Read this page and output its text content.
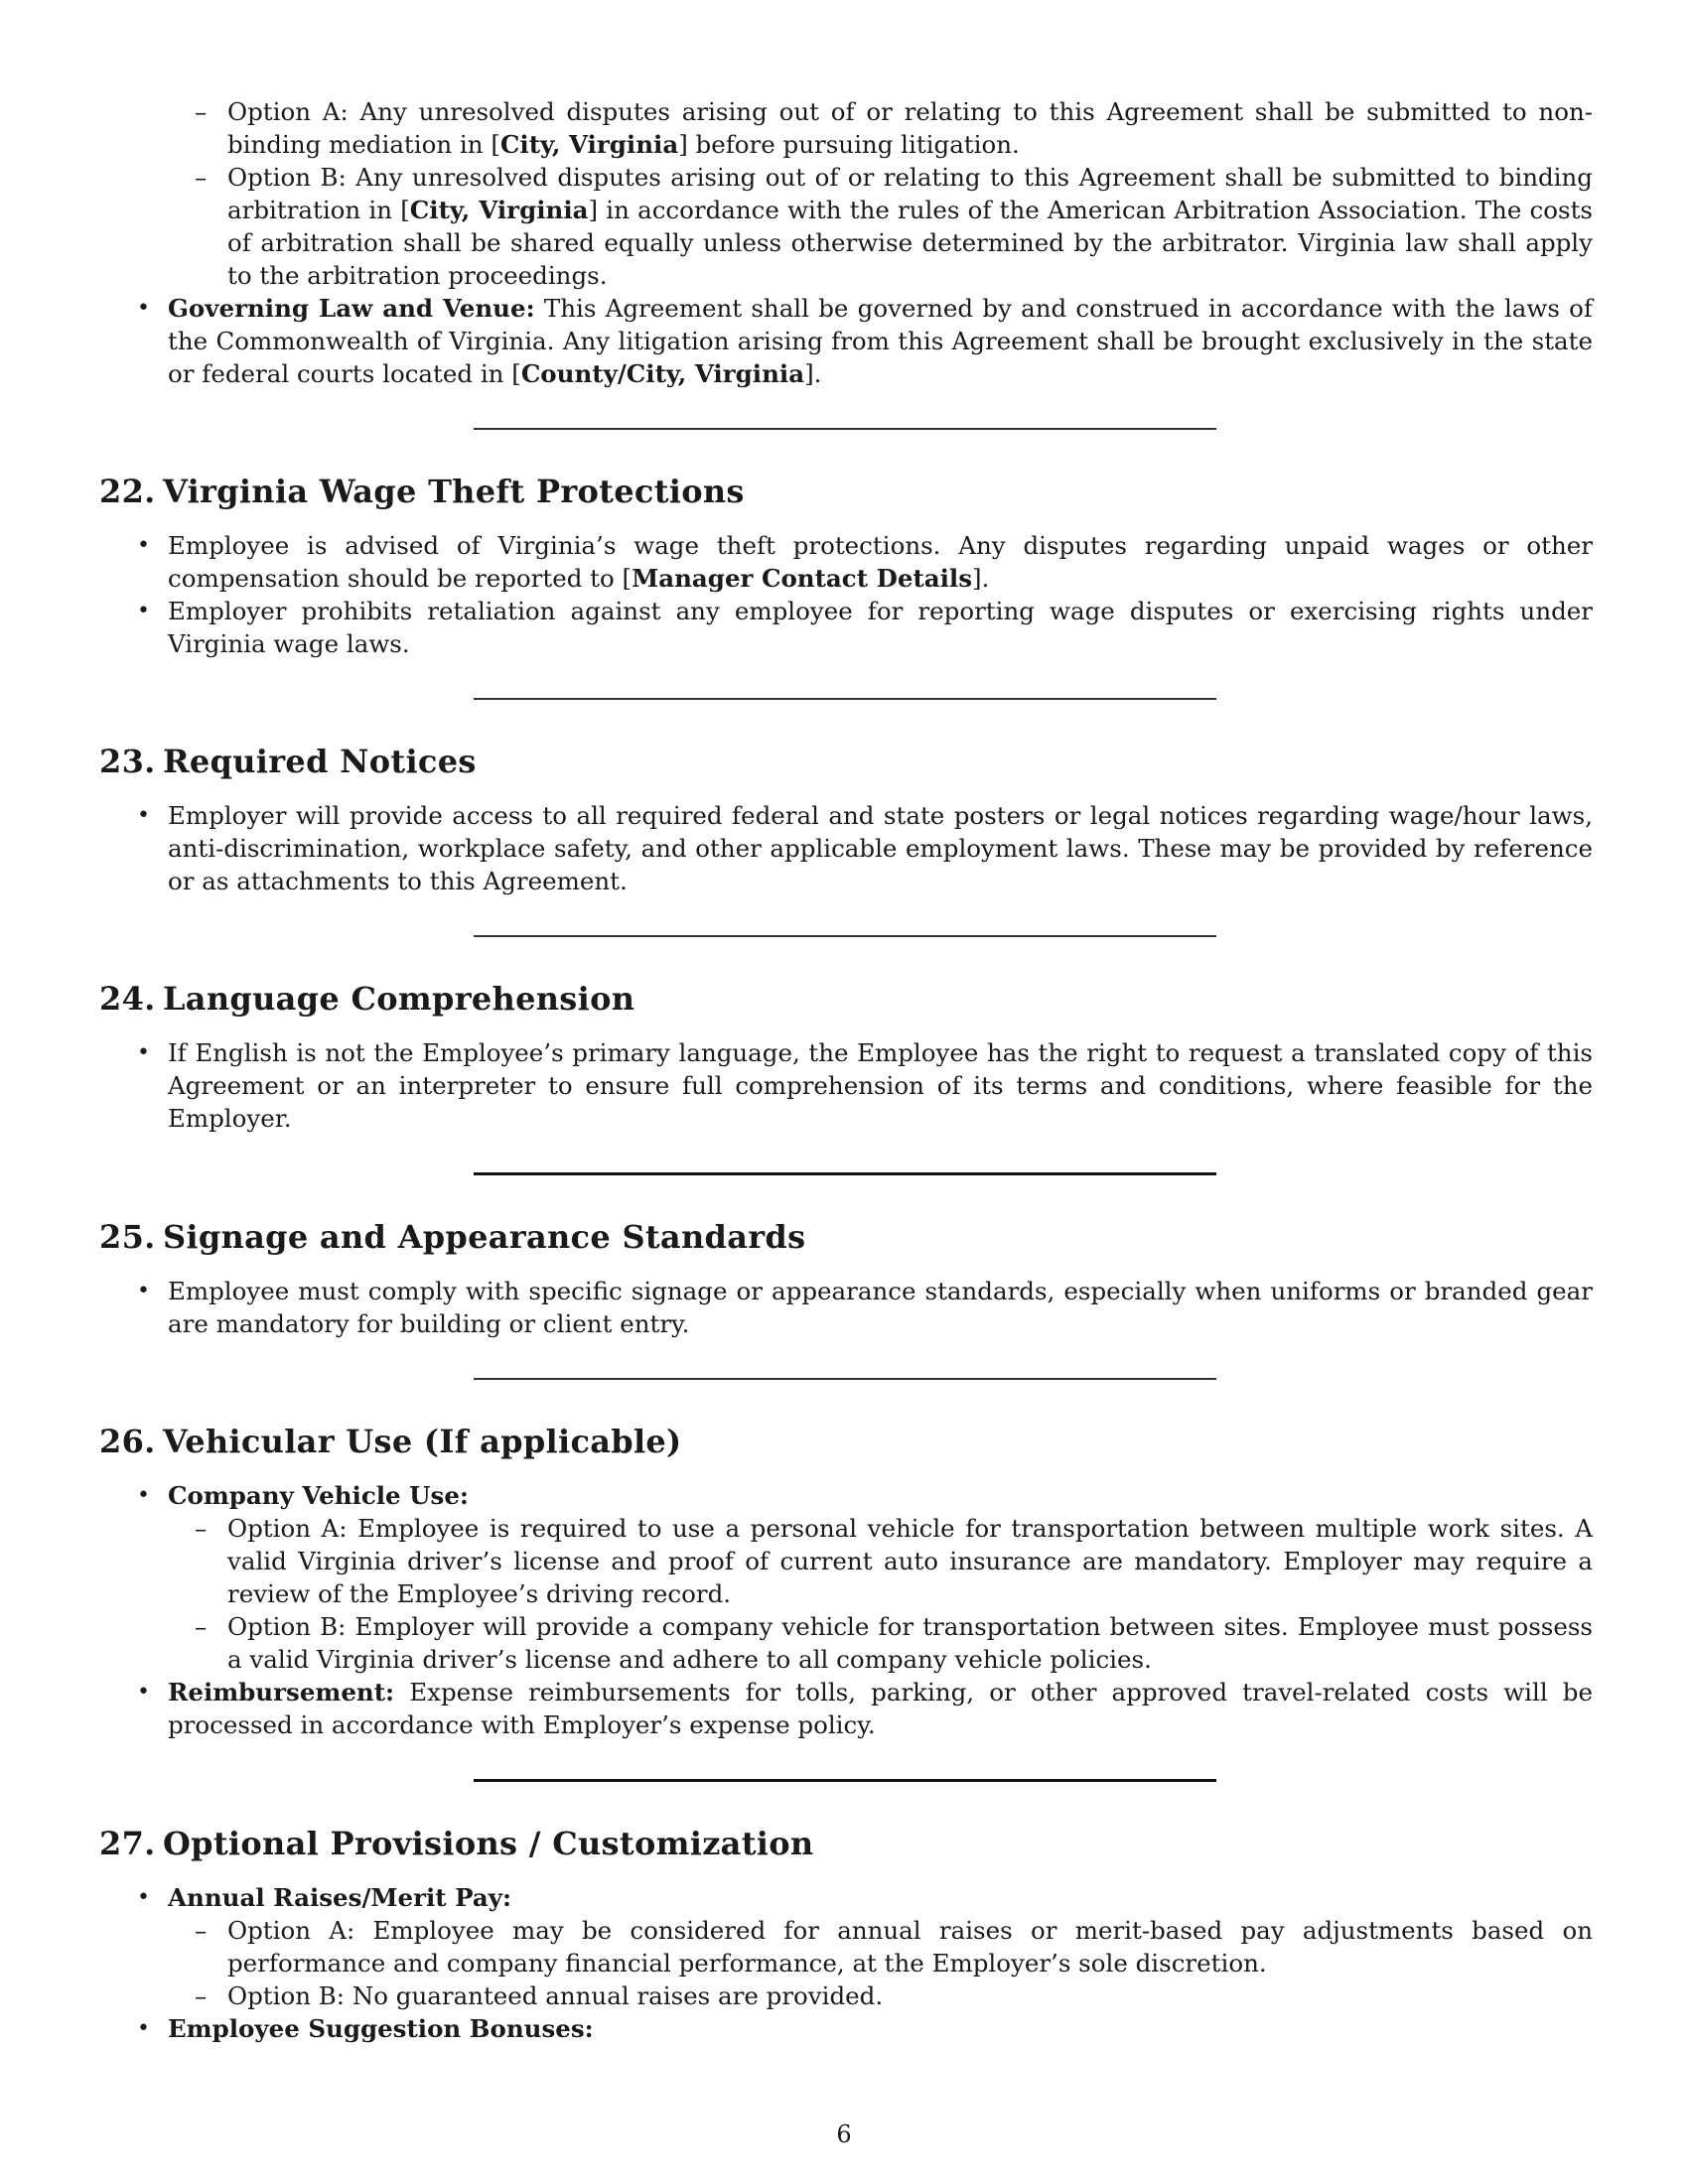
– Option A: Any unresolved disputes arising out of or relating to this Agreement shall be submitted to non-binding mediation in [City, Virginia] before pursuing litigation.
– Option B: Any unresolved disputes arising out of or relating to this Agreement shall be submitted to binding arbitration in [City, Virginia] in accordance with the rules of the American Arbitration Association. The costs of arbitration shall be shared equally unless otherwise determined by the arbitrator. Virginia law shall apply to the arbitration proceedings.
• Governing Law and Venue: This Agreement shall be governed by and construed in accordance with the laws of the Commonwealth of Virginia. Any litigation arising from this Agreement shall be brought exclusively in the state or federal courts located in [County/City, Virginia].
22. Virginia Wage Theft Protections
• Employee is advised of Virginia’s wage theft protections. Any disputes regarding unpaid wages or other compensation should be reported to [Manager Contact Details].
• Employer prohibits retaliation against any employee for reporting wage disputes or exercising rights under Virginia wage laws.
23. Required Notices
• Employer will provide access to all required federal and state posters or legal notices regarding wage/hour laws, anti-discrimination, workplace safety, and other applicable employment laws. These may be provided by reference or as attachments to this Agreement.
24. Language Comprehension
• If English is not the Employee’s primary language, the Employee has the right to request a translated copy of this Agreement or an interpreter to ensure full comprehension of its terms and conditions, where feasible for the Employer.
25. Signage and Appearance Standards
• Employee must comply with specific signage or appearance standards, especially when uniforms or branded gear are mandatory for building or client entry.
26. Vehicular Use (If applicable)
• Company Vehicle Use:
– Option A: Employee is required to use a personal vehicle for transportation between multiple work sites. A valid Virginia driver’s license and proof of current auto insurance are mandatory. Employer may require a review of the Employee’s driving record.
– Option B: Employer will provide a company vehicle for transportation between sites. Employee must possess a valid Virginia driver’s license and adhere to all company vehicle policies.
• Reimbursement: Expense reimbursements for tolls, parking, or other approved travel-related costs will be processed in accordance with Employer’s expense policy.
27. Optional Provisions / Customization
• Annual Raises/Merit Pay:
– Option A: Employee may be considered for annual raises or merit-based pay adjustments based on performance and company financial performance, at the Employer’s sole discretion.
– Option B: No guaranteed annual raises are provided.
• Employee Suggestion Bonuses:
6
